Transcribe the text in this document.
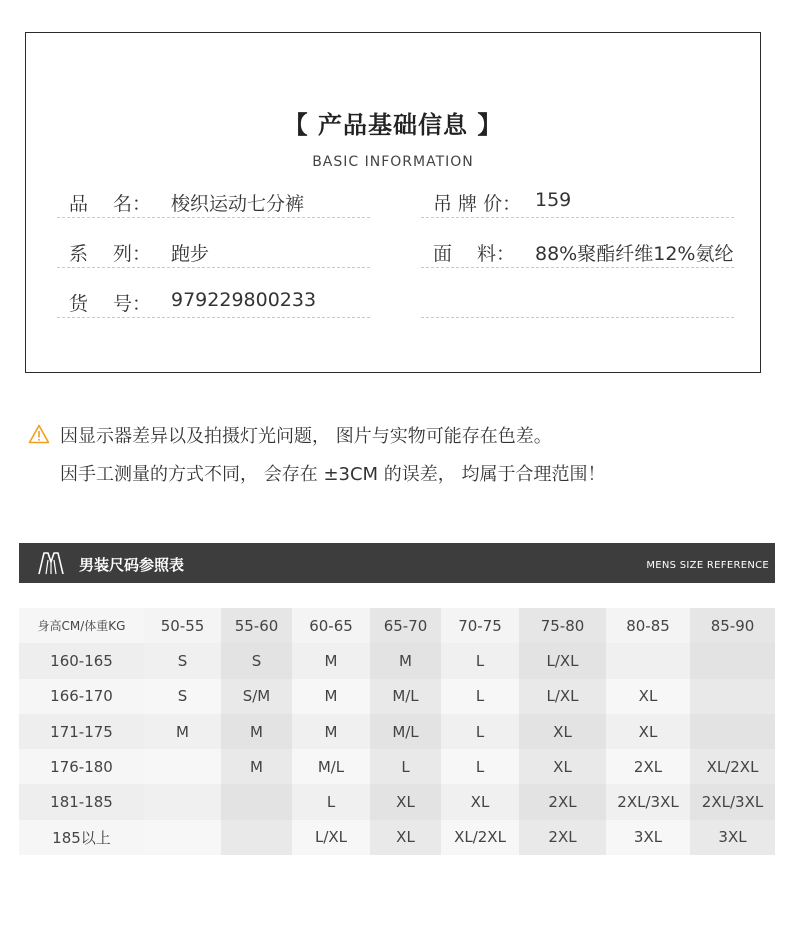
【 产品基础信息 】
BASIC INFORMATION
品　 名： 梭织运动七分裤
系　 列： 跑步
货　 号： 979229800233
吊 牌 价： 159
面　 料： 88%聚酯纤维12%氨纶
因显示器差异以及拍摄灯光问题， 图片与实物可能存在色差。
因手工测量的方式不同， 会存在 ±3CM 的误差， 均属于合理范围！
男装尺码参照表	MENS SIZE REFERENCE
身高CM/体重KG	50-55	55-60	60-65	65-70	70-75	75-80	80-85	85-90
160-165	S	S	M	M	L	L/XL		
166-170	S	S/M	M	M/L	L	L/XL	XL	
171-175	M	M	M	M/L	L	XL	XL	
176-180		M	M/L	L	L	XL	2XL	XL/2XL
181-185			L	XL	XL	2XL	2XL/3XL	2XL/3XL
185以上			L/XL	XL	XL/2XL	2XL	3XL	3XL
